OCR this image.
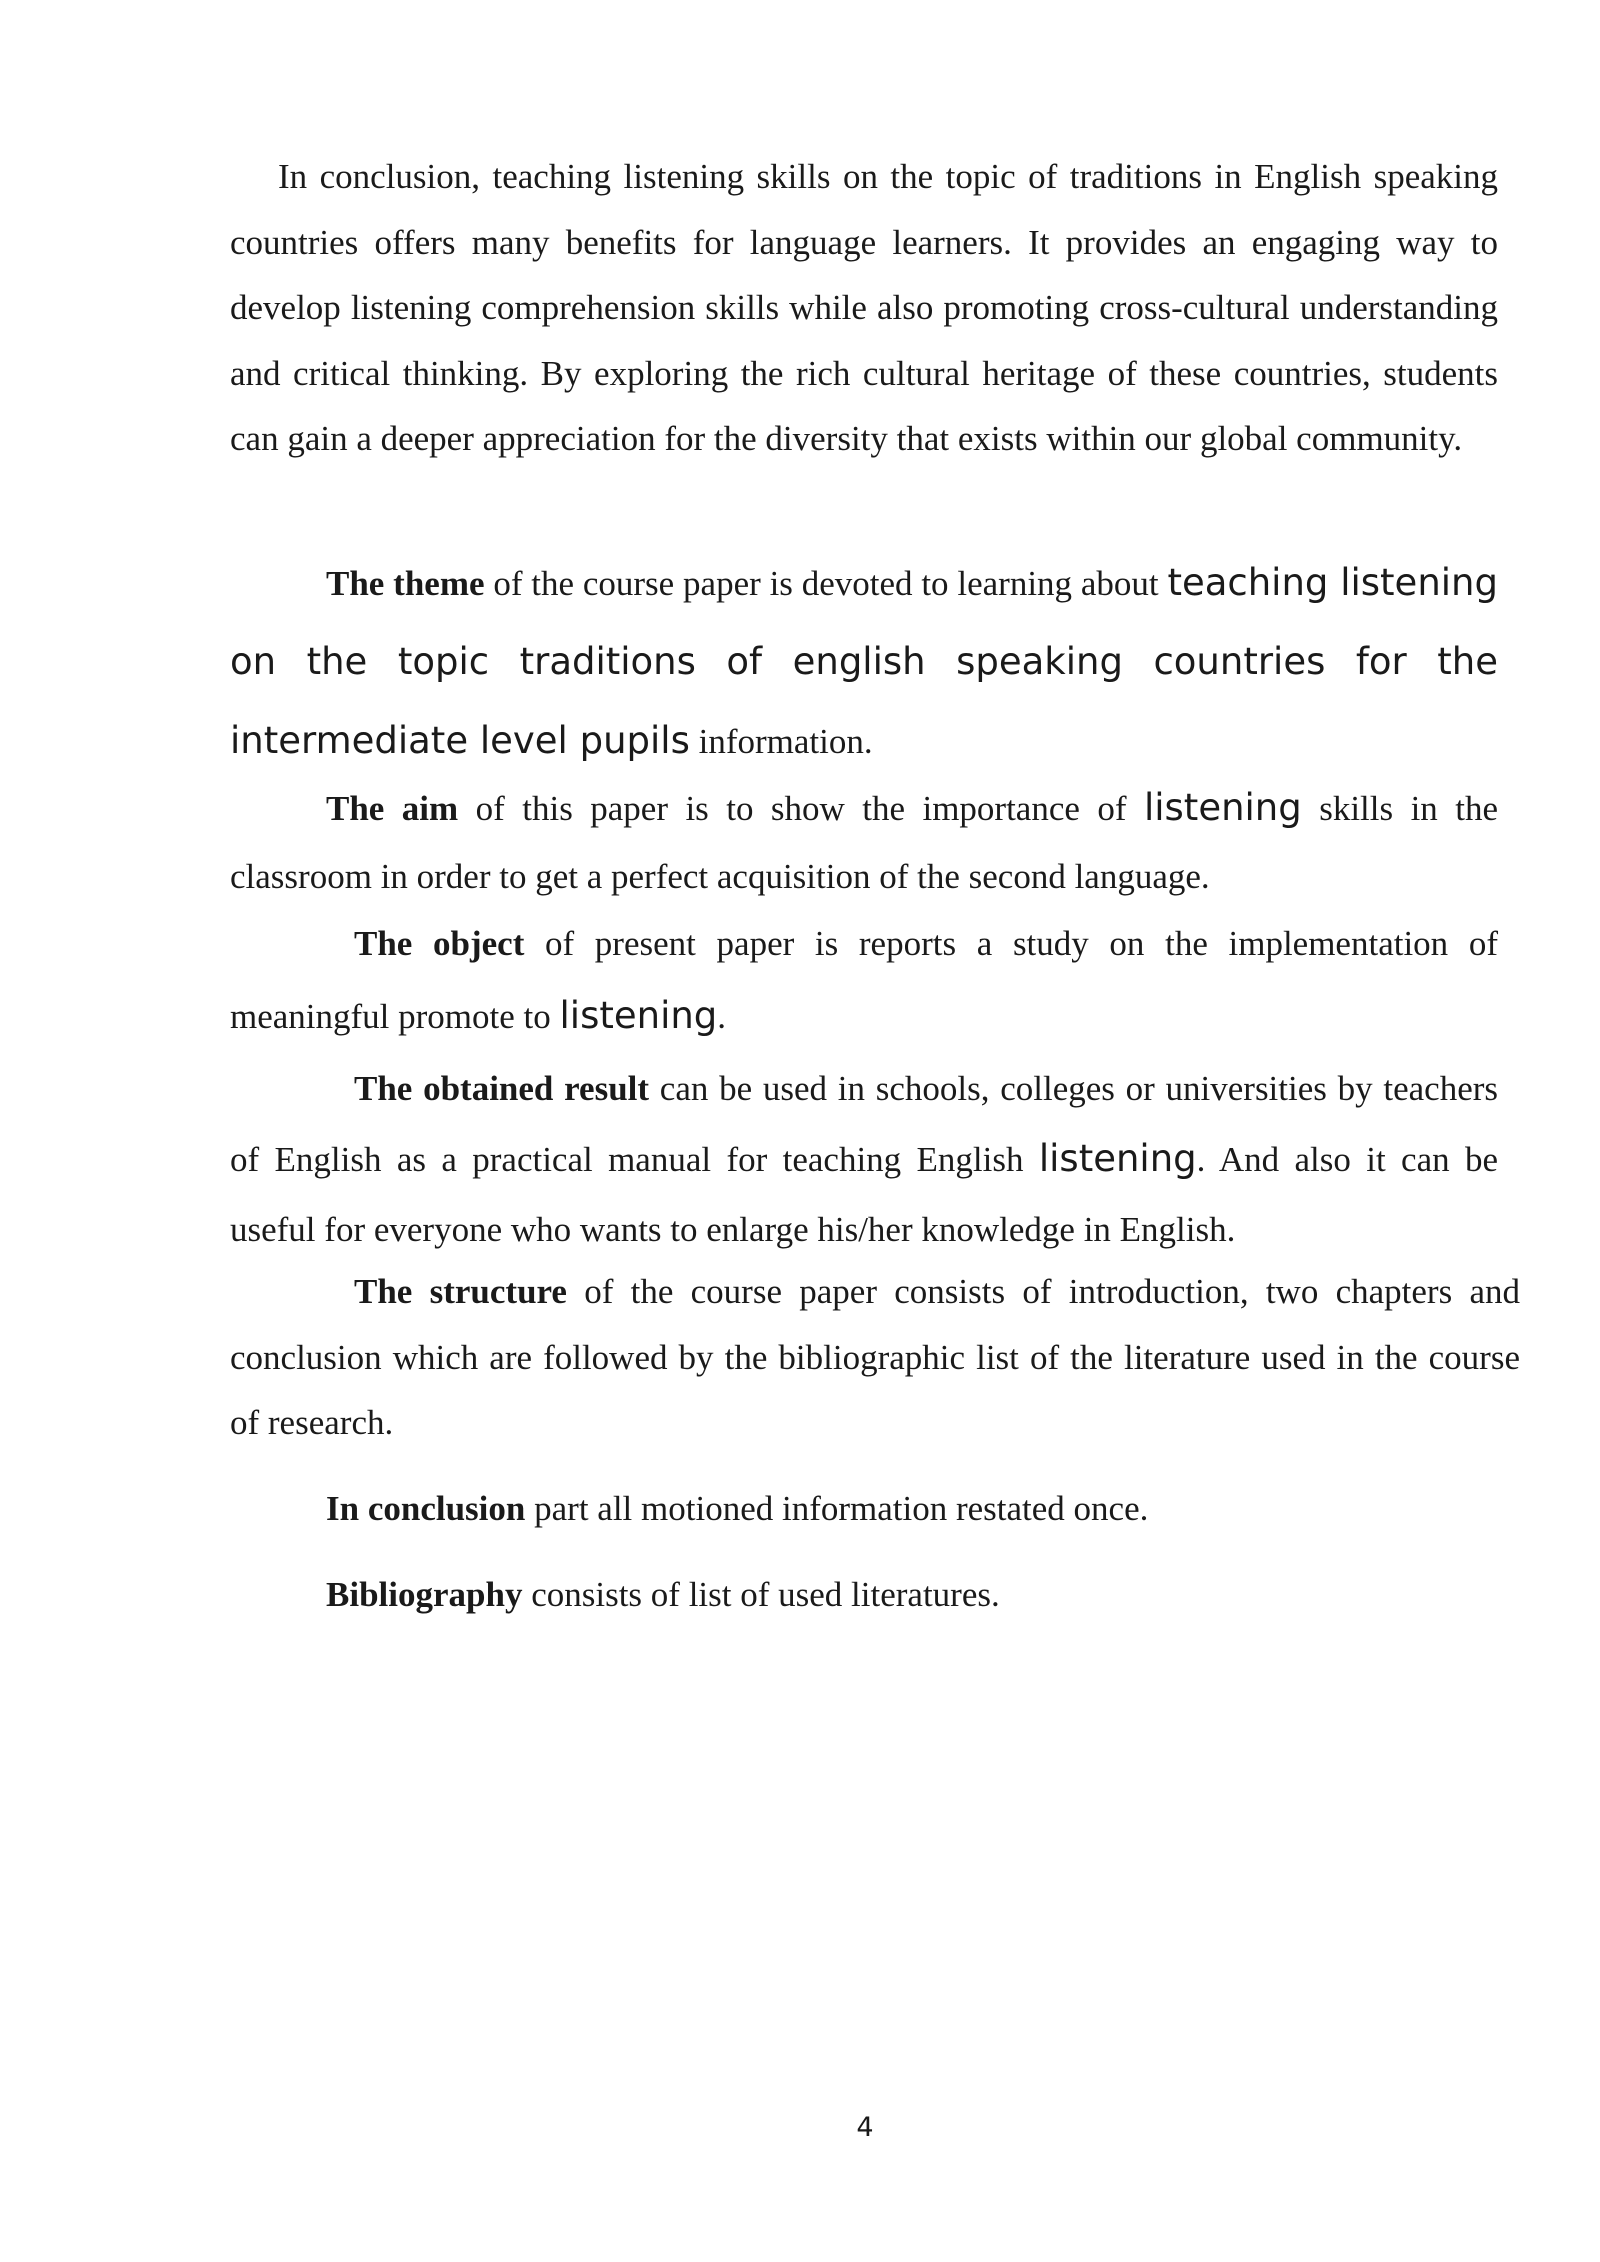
In conclusion, teaching listening skills on the topic of traditions in English speaking countries offers many benefits for language learners. It provides an engaging way to develop listening comprehension skills while also promoting cross-cultural understanding and critical thinking. By exploring the rich cultural heritage of these countries, students can gain a deeper appreciation for the diversity that exists within our global community.

The theme of the course paper is devoted to learning about teaching listening on the topic traditions of english speaking countries for the intermediate level pupils information.

The aim of this paper is to show the importance of listening skills in the classroom in order to get a perfect acquisition of the second language.

The object of present paper is reports a study on the implementation of meaningful promote to listening.

The obtained result can be used in schools, colleges or universities by teachers of English as a practical manual for teaching English listening. And also it can be useful for everyone who wants to enlarge his/her knowledge in English.

The structure of the course paper consists of introduction, two chapters and conclusion which are followed by the bibliographic list of the literature used in the course of research.

In conclusion part all motioned information restated once.

Bibliography consists of list of used literatures.

4
